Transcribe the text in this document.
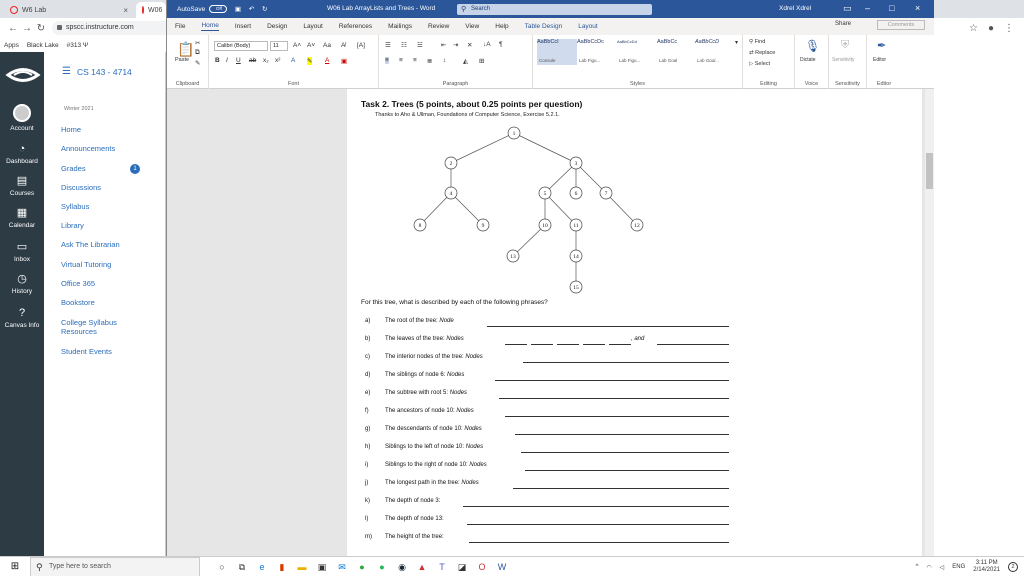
W6 Lab	×	W06
← → ↻	spscc.instructure.com
Apps Black Lake #313 Ψ
☆ ● ⋮
Account
◔
Dashboard
▤
Courses
▦
Calendar
▭
Inbox
◷
History
?
Canvas Info
☰ CS 143 - 4714
Winter 2021
Home
Announcements
Grades	1
Discussions
Syllabus
Library
Ask The Librarian
Virtual Tutoring
Office 365
Bookstore
College Syllabus Resources
Student Events
AutoSave Off ▣ ↶ ↻	W06 Lab ArrayLists and Trees - Word	⚲ Search	Xdrel Xdrel	▭ – □ ×
File Home Insert Design Layout References Mailings Review View Help Table Design Layout	Share	Comments
📋
Paste
✂
⧉
✎
Clipboard
Calibri (Body)	11	A˄ A˅ Aa A̸ [A]
B I U ab x₂ x² A ✎ A ▣
Font
☰ ☷ ☱	⇤ ⇥ ✕ ↓A ¶
≡ ≡ ≡ ≣ ↕	◭ ⊞
Paragraph
AaBbCcI
Console
AaBbCcDc
Lab Figu...
AaBbCcDd
Lab Figu...
AaBbCc
Lab Goal
AaBbCcD
Lab Goal...
▾
Styles
⚲ Find
⇄ Replace
▷ Select
Editing
🎙
Dictate
Voice
⛨
Sensitivity
Sensitivity
✒
Editor
Editor
Task 2. Trees (5 points, about 0.25 points per question)
Thanks to Aho & Ullman, Foundations of Computer Science, Exercise 5.2.1.
1
2	3
4	5	6	7
8	9	10	11	12
13	14
15
For this tree, what is described by each of the following phrases?
a) The root of the tree: Node
b) The leaves of the tree: Nodes	, and
c)	The interior nodes of the tree: Nodes
d) The siblings of node 6: Nodes
e) The subtree with root 5: Nodes
f)	The ancestors of node 10: Nodes
g) The descendants of node 10: Nodes
h) Siblings to the left of node 10: Nodes
i)	Siblings to the right of node 10: Nodes
j)	The longest path in the tree: Nodes
k)	The depth of node 3:
l)	The depth of node 13:
m) The height of the tree:
⊞	⚲ Type here to search	○	⧉	e	▮	▬	▣	✉	●	●	◉	▲	T	◪	O	W	^ ◠ ◁ ENG
3:11 PM
2/14/2021	2
